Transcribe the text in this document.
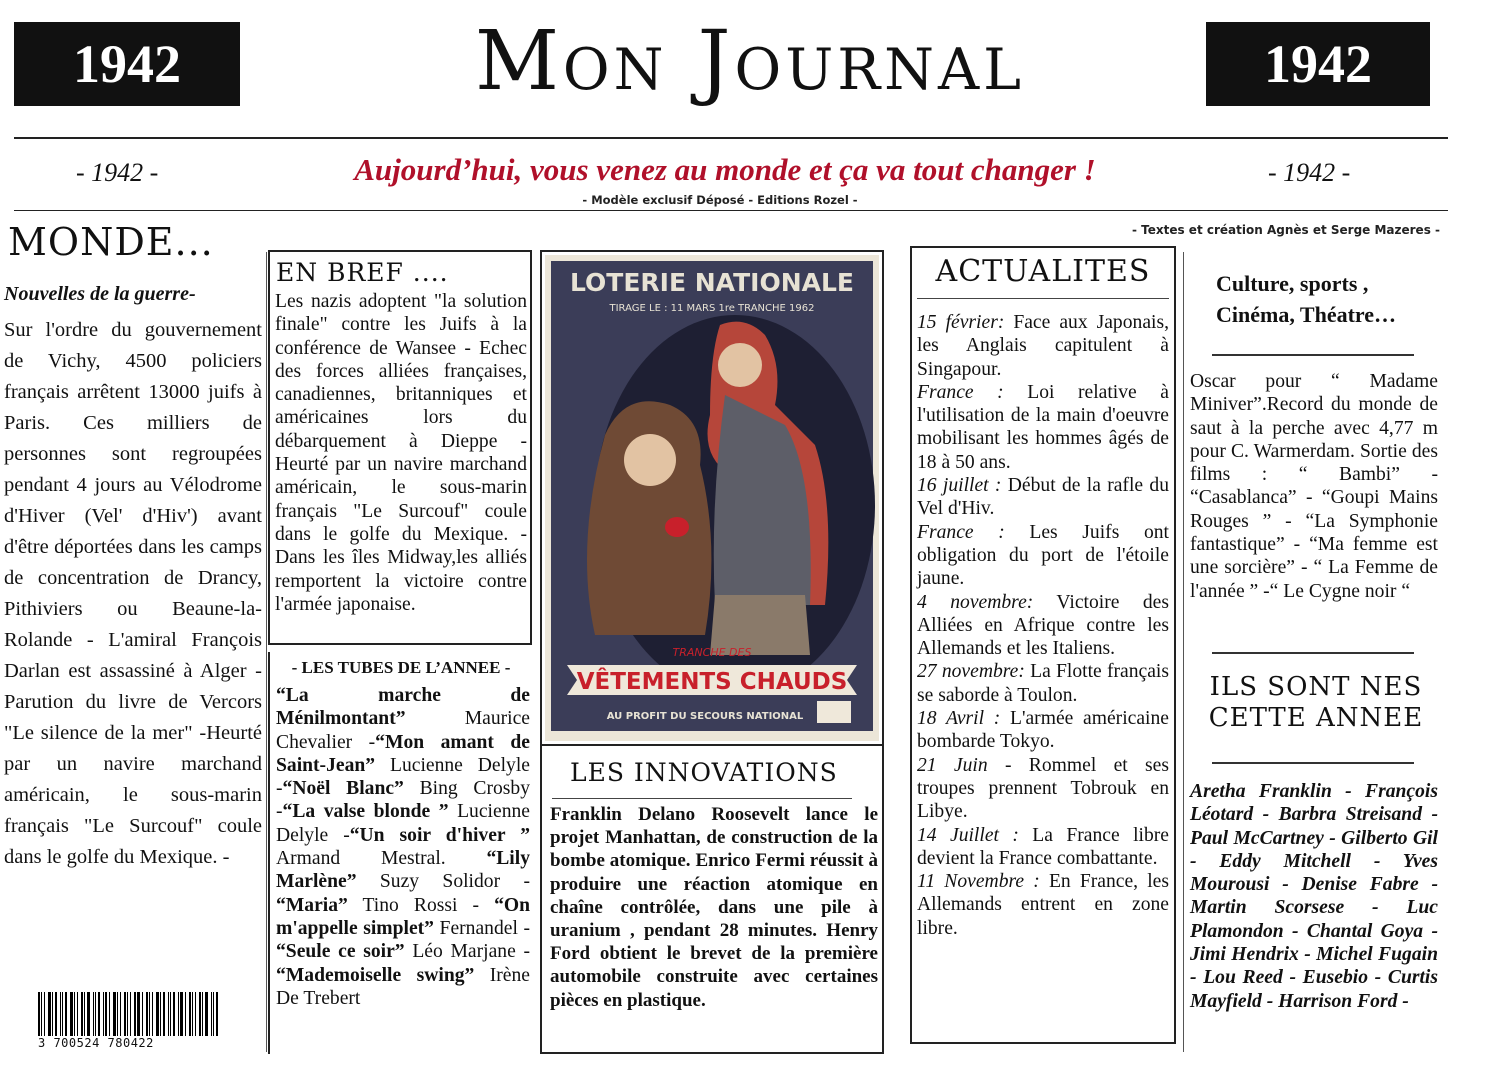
1942	Mon Journal	1942
- 1942 -	Aujourd’hui, vous venez au monde et ça va tout changer !	- 1942 -
- Modèle exclusif Déposé - Editions Rozel -
- Textes et création Agnès et Serge Mazeres -
MONDE...
Nouvelles de la guerre-
Sur l'ordre du gouvernement de Vichy, 4500 policiers français arrêtent 13000 juifs à Paris. Ces milliers de personnes sont regroupées pendant 4 jours au Vélodrome d'Hiver (Vel' d'Hiv') avant d'être déportées dans les camps de concentration de Drancy, Pithiviers ou Beaune-la-Rolande - L'amiral François Darlan est assassiné à Alger - Parution du livre de Vercors "Le silence de la mer" -Heurté par un navire marchand américain, le sous-marin français "Le Surcouf" coule dans le golfe du Mexique. -
3 700524 780422
EN BREF ....
Les nazis adoptent "la solution finale" contre les Juifs à la conférence de Wansee - Echec des forces alliées françaises, canadiennes, britanniques et américaines lors du débarquement à Dieppe - Heurté par un navire marchand américain, le sous-marin français "Le Surcouf" coule dans le golfe du Mexique. - Dans les îles Midway,les alliés remportent la victoire contre l'armée japonaise.
- LES TUBES DE L’ANNEE -
“La marche de Ménilmontant” Maurice Chevalier -“Mon amant de Saint-Jean” Lucienne Delyle -“Noël Blanc” Bing Crosby -“La valse blonde ” Lucienne Delyle -“Un soir d'hiver ” Armand Mestral. “Lily Marlène” Suzy Solidor - “Maria” Tino Rossi - “On m'appelle simplet” Fernandel - “Seule ce soir” Léo Marjane - “Mademoiselle swing” Irène De Trebert
LOTERIE NATIONALE
TIRAGE LE : 11 MARS 1re TRANCHE 1962
TRANCHE DES
VÊTEMENTS CHAUDS
AU PROFIT DU SECOURS NATIONAL
LES INNOVATIONS
Franklin Delano Roosevelt lance le projet Manhattan, de construction de la bombe atomique. Enrico Fermi réussit à produire une réaction atomique en chaîne contrôlée, dans une pile à uranium , pendant 28 minutes. Henry Ford obtient le brevet de la première automobile construite avec certaines pièces en plastique.
ACTUALITES

15 février: Face aux Japonais, les Anglais capitulent à Singapour.

France : Loi relative à l'utilisation de la main d'oeuvre mobilisant les hommes âgés de 18 à 50 ans.

16 juillet : Début de la rafle du Vel d'Hiv.

France : Les Juifs ont obligation du port de l'étoile jaune.

4 novembre: Victoire des Alliées en Afrique contre les Allemands et les Italiens.

27 novembre: La Flotte français se saborde à Toulon.

18 Avril : L'armée américaine bombarde Tokyo.

21 Juin - Rommel et ses troupes prennent Tobrouk en Libye.

14 Juillet : La France libre devient la France combattante.

11 Novembre : En France, les Allemands entrent en zone libre.

Culture, sports , Cinéma, Théatre…
Oscar pour “ Madame Miniver”.Record du monde de saut à la perche avec 4,77 m pour C. Warmerdam. Sortie des films : “ Bambi” - “Casablanca” - “Goupi Mains Rouges ” - “La Symphonie fantastique” - “Ma femme est une sorcière” - “ La Femme de l'année ” -“ Le Cygne noir “
ILS SONT NES CETTE ANNEE
Aretha Franklin - François Léotard - Barbra Streisand - Paul McCartney - Gilberto Gil - Eddy Mitchell - Yves Mourousi - Denise Fabre - Martin Scorsese - Luc Plamondon - Chantal Goya - Jimi Hendrix - Michel Fugain - Lou Reed - Eusebio - Curtis Mayfield - Harrison Ford -
